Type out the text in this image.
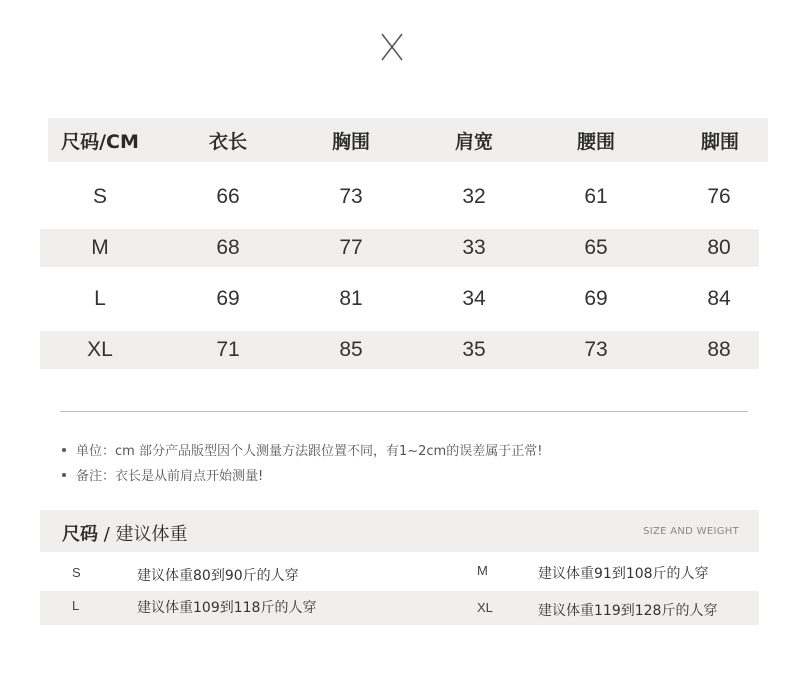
尺码/CM	衣长	胸围	肩宽	腰围	脚围
S	66	73	32	61	76
M	68	77	33	65	80
L	69	81	34	69	84
XL	71	85	35	73	88
单位：cm 部分产品版型因个人测量方法跟位置不同，有1~2cm的误差属于正常!
备注：衣长是从前肩点开始测量!
尺码 / 建议体重	SIZE AND WEIGHT
S	建议体重80到90斤的人穿	M	建议体重91到108斤的人穿
L	建议体重109到118斤的人穿	XL	建议体重119到128斤的人穿
